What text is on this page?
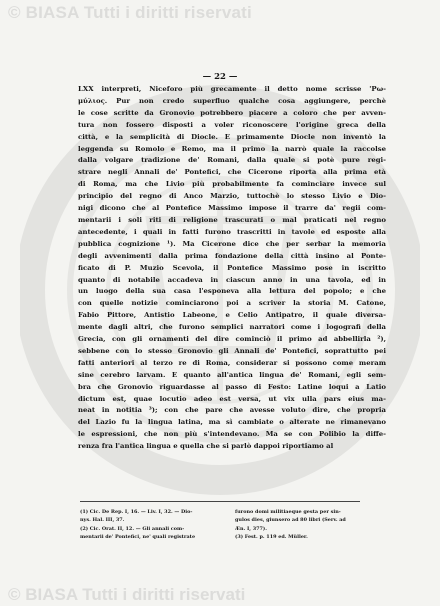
© BIASA Tutti i diritti riservati
— 22 —
LXX interpreti, Niceforo più grecamente il detto nome scrisse 'Pω-
μύλιος. Pur non credo superfluo qualche cosa aggiungere, perchè
le cose scritte da Gronovio potrebbero piacere a coloro che per avven-
tura non fossero disposti a voler riconoscere l'origine greca della
città, e la semplicità di Diocle. E primamente Diocle non inventò la
leggenda su Romolo e Remo, ma il primo la narrò quale la raccolse
dalla volgare tradizione de' Romani, dalla quale si potè pure regi-
strare negli Annali de' Pontefici, che Cicerone riporta alla prima età
di Roma, ma che Livio più probabilmente fa cominciare invece sul
principio del regno di Anco Marzio, tuttochè lo stesso Livio e Dio-
nigi dicono che al Pontefice Massimo impose il trarre da' regii com-
mentarii i soli riti di religione trascurati o mal praticati nel regno
antecedente, i quali in fatti furono trascritti in tavole ed esposte alla
pubblica cognizione ¹). Ma Cicerone dice che per serbar la memoria
degli avvenimenti dalla prima fondazione della città insino al Ponte-
ficato di P. Muzio Scevola, il Pontefice Massimo pose in iscritto
quanto di notabile accadeva in ciascun anno in una tavola, ed in
un luogo della sua casa l'esponeva alla lettura del popolo; e che
con quelle notizie cominciarono poi a scriver la storia M. Catone,
Fabio Pittore, Antistio Labeone, e Celio Antipatro, il quale diversa-
mente dagli altri, che furono semplici narratori come i logografi della
Grecia, con gli ornamenti del dire cominciò il primo ad abbellirla ²),
sebbene con lo stesso Gronovio gli Annali de' Pontefici, soprattutto pei
fatti anteriori al terzo re di Roma, considerar si possono come meram
sine cerebro larvam. E quanto all'antica lingua de' Romani, egli sem-
bra che Gronovio riguardasse al passo di Festo: Latine loqui a Latio
dictum est, quae locutio adeo est versa, ut vix ulla pars eius ma-
neat in notitia ³); con che pare che avesse voluto dire, che propria
del Lazio fu la lingua latina, ma sì cambiate o alterate ne rimanevano
le espressioni, che non più s'intendevano. Ma se con Polibio la diffe-
renza fra l'antica lingua e quella che si parlò dappoi riportiamo al
(1) Cic. De Rep. I, 16. — Liv. I, 32. — Dio-
nys. Hal. III, 37.
(2) Cic. Orat. II, 12. — Gli annali com-
mentarii de' Pontefici, ne' quali registrate
furono domi militiaeque gesta per sin-
gulos dies, giunsero ad 80 libri (Serv. ad
Æn. I, 377).
(3) Fest. p. 119 ed. Müller.
© BIASA Tutti i diritti riservati
